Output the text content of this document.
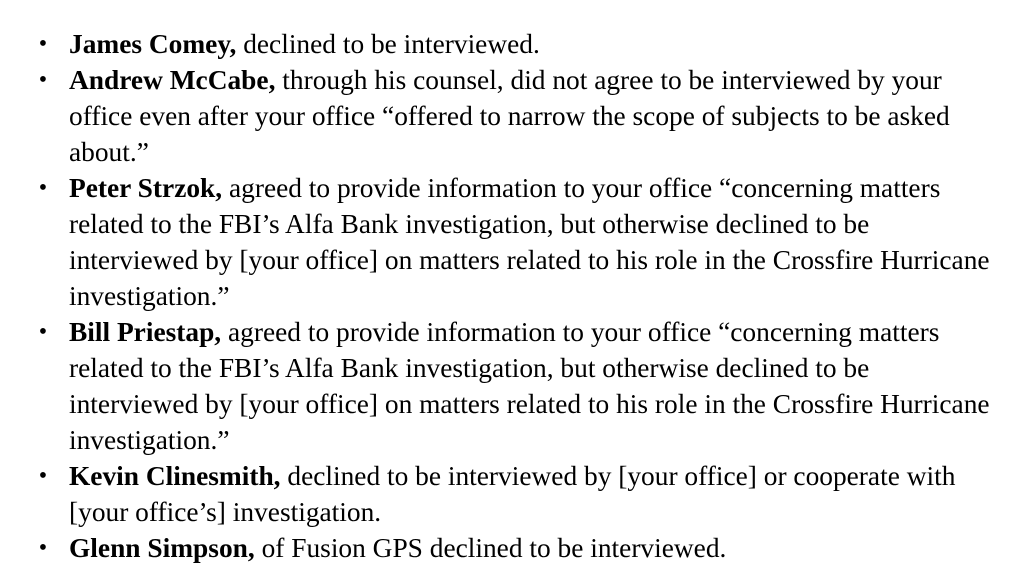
• James Comey, declined to be interviewed.
• Andrew McCabe, through his counsel, did not agree to be interviewed by your office even after your office “offered to narrow the scope of subjects to be asked about.”
• Peter Strzok, agreed to provide information to your office “concerning matters related to the FBI’s Alfa Bank investigation, but otherwise declined to be interviewed by [your office] on matters related to his role in the Crossfire Hurricane investigation.”
• Bill Priestap, agreed to provide information to your office “concerning matters related to the FBI’s Alfa Bank investigation, but otherwise declined to be interviewed by [your office] on matters related to his role in the Crossfire Hurricane investigation.”
• Kevin Clinesmith, declined to be interviewed by [your office] or cooperate with [your office’s] investigation.
• Glenn Simpson, of Fusion GPS declined to be interviewed.
